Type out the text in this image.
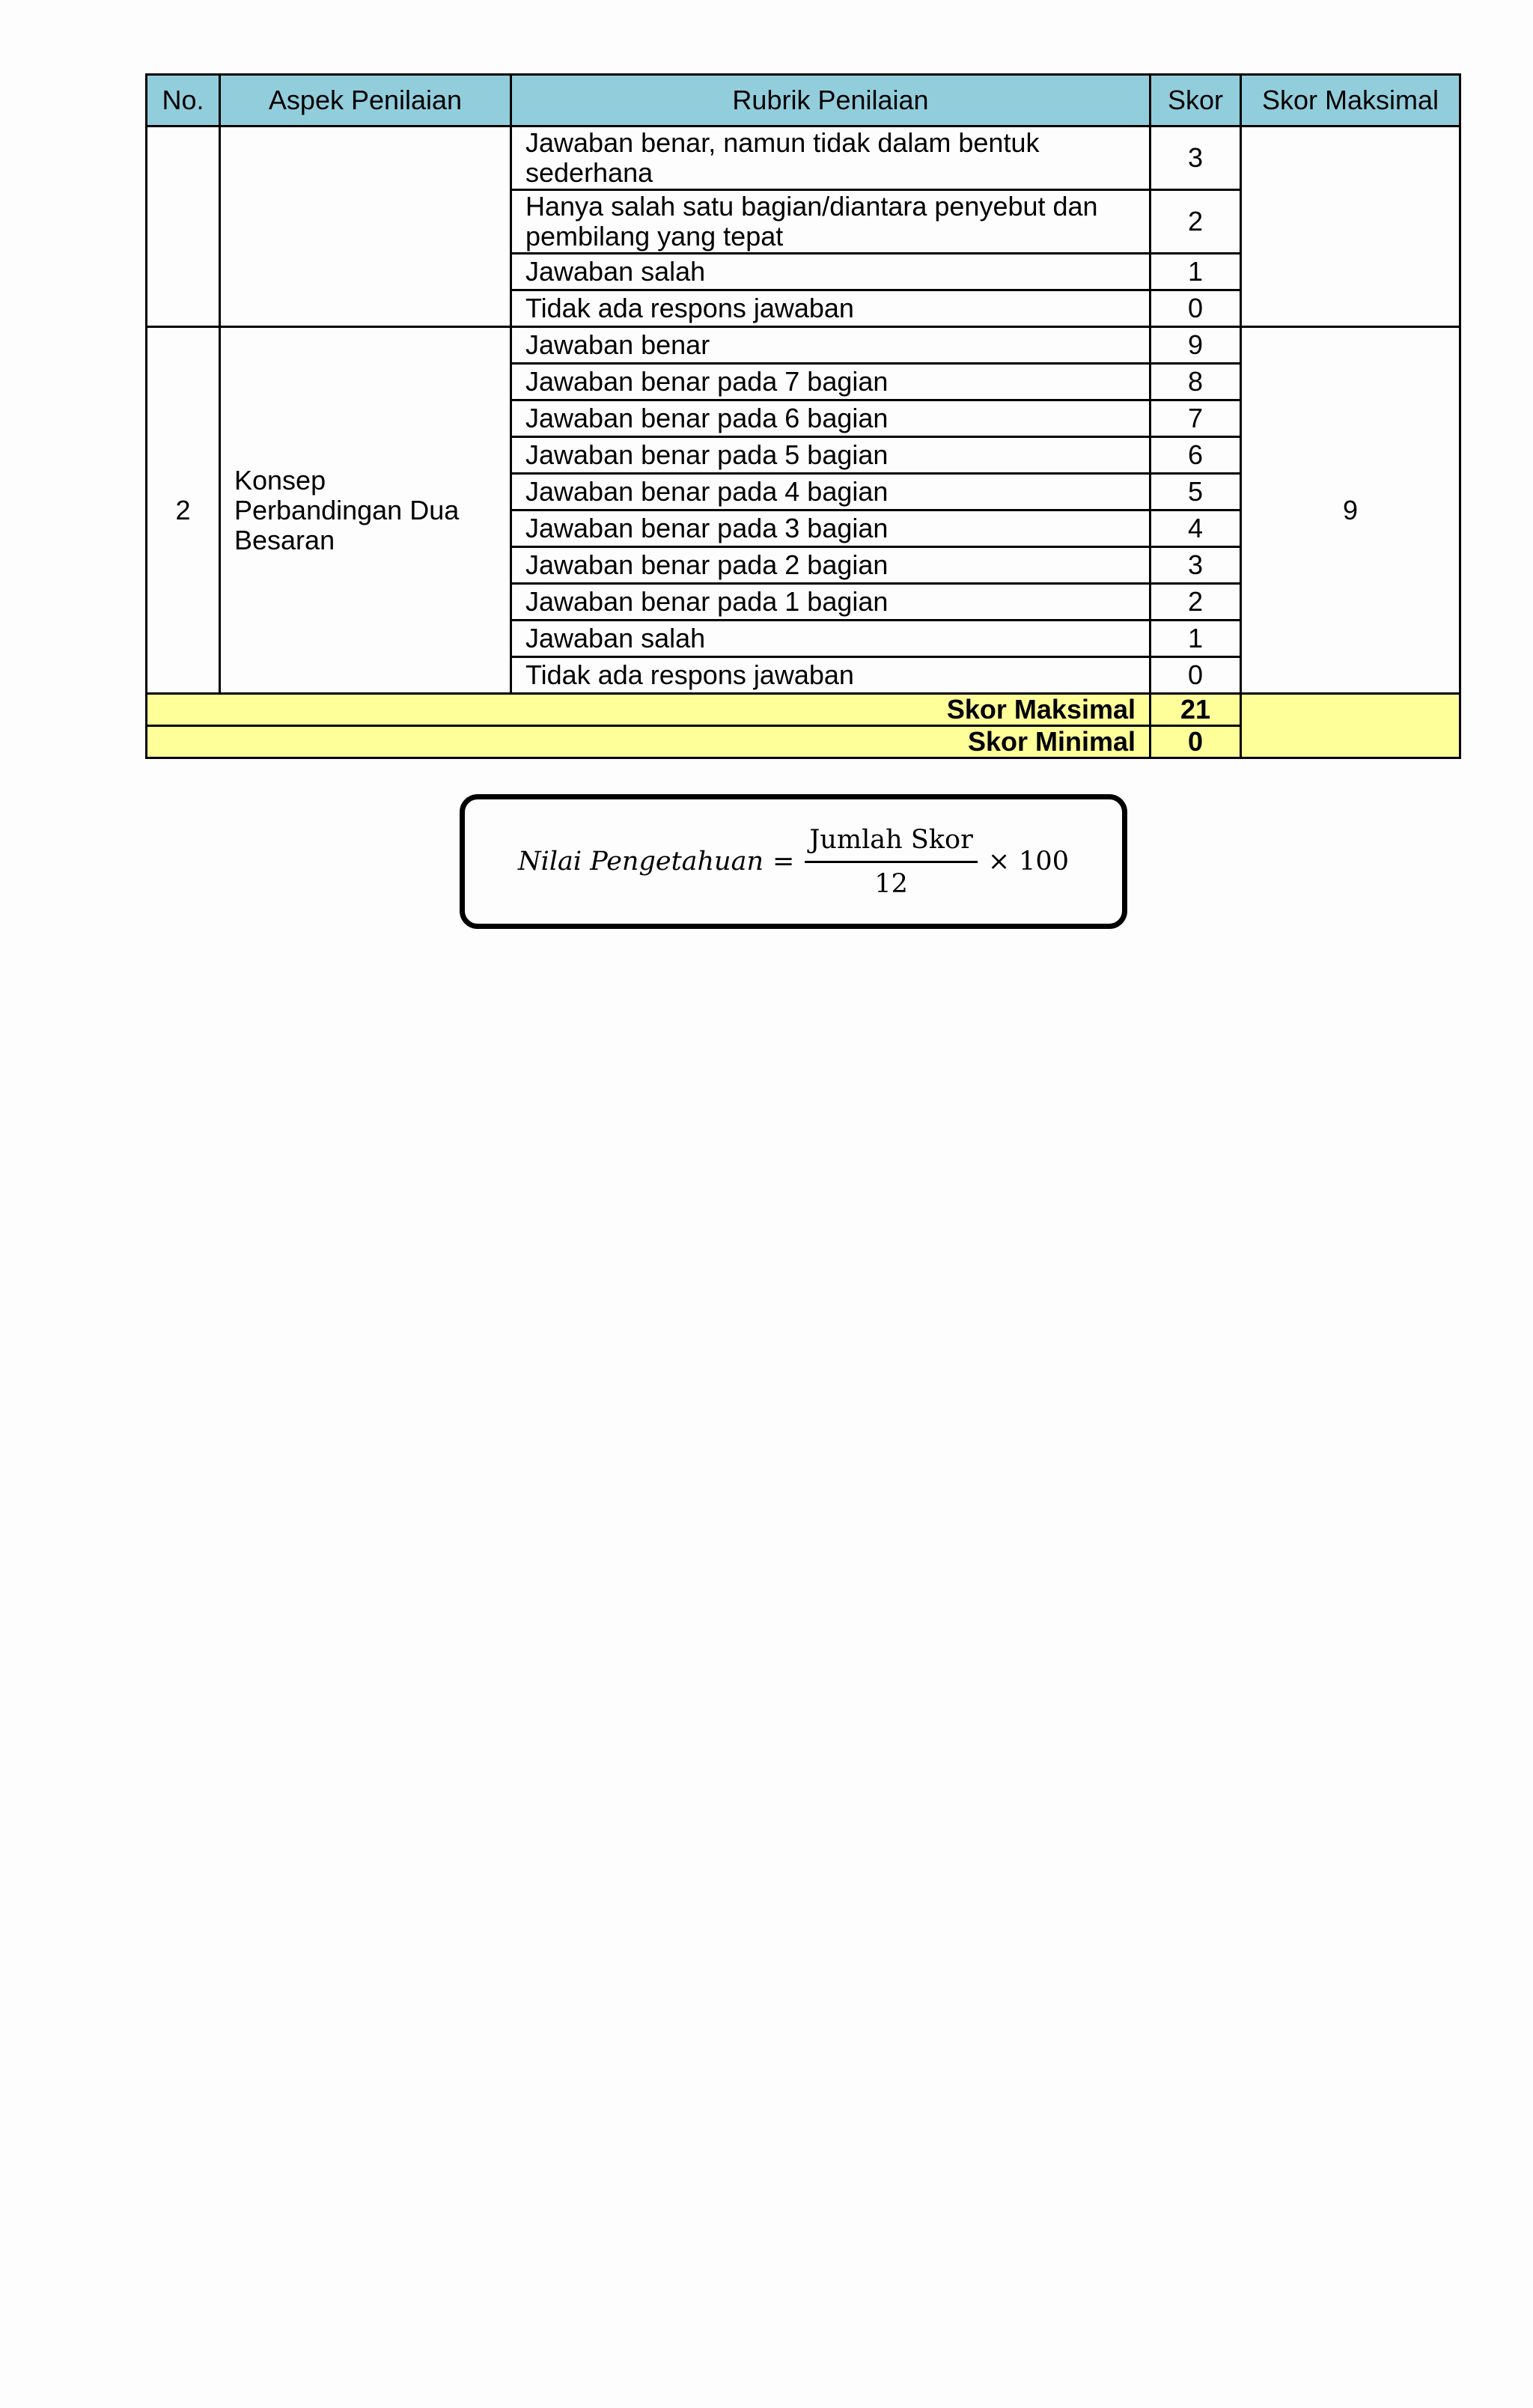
No.	Aspek Penilaian	Rubrik Penilaian	Skor	Skor Maksimal
		Jawaban benar, namun tidak dalam bentuk sederhana	3	
		Hanya salah satu bagian/diantara penyebut dan pembilang yang tepat	2	
		Jawaban salah	1	
		Tidak ada respons jawaban	0	
2	Konsep Perbandingan Dua Besaran	Jawaban benar	9	9
		Jawaban benar pada 7 bagian	8	
		Jawaban benar pada 6 bagian	7	
		Jawaban benar pada 5 bagian	6	
		Jawaban benar pada 4 bagian	5	
		Jawaban benar pada 3 bagian	4	
		Jawaban benar pada 2 bagian	3	
		Jawaban benar pada 1 bagian	2	
		Jawaban salah	1	
		Tidak ada respons jawaban	0	
Skor Maksimal			21	
Skor Minimal			0	
Nilai Pengetahuan = $\frac{\text{Jumlah Skor}}{12} \times 100$
